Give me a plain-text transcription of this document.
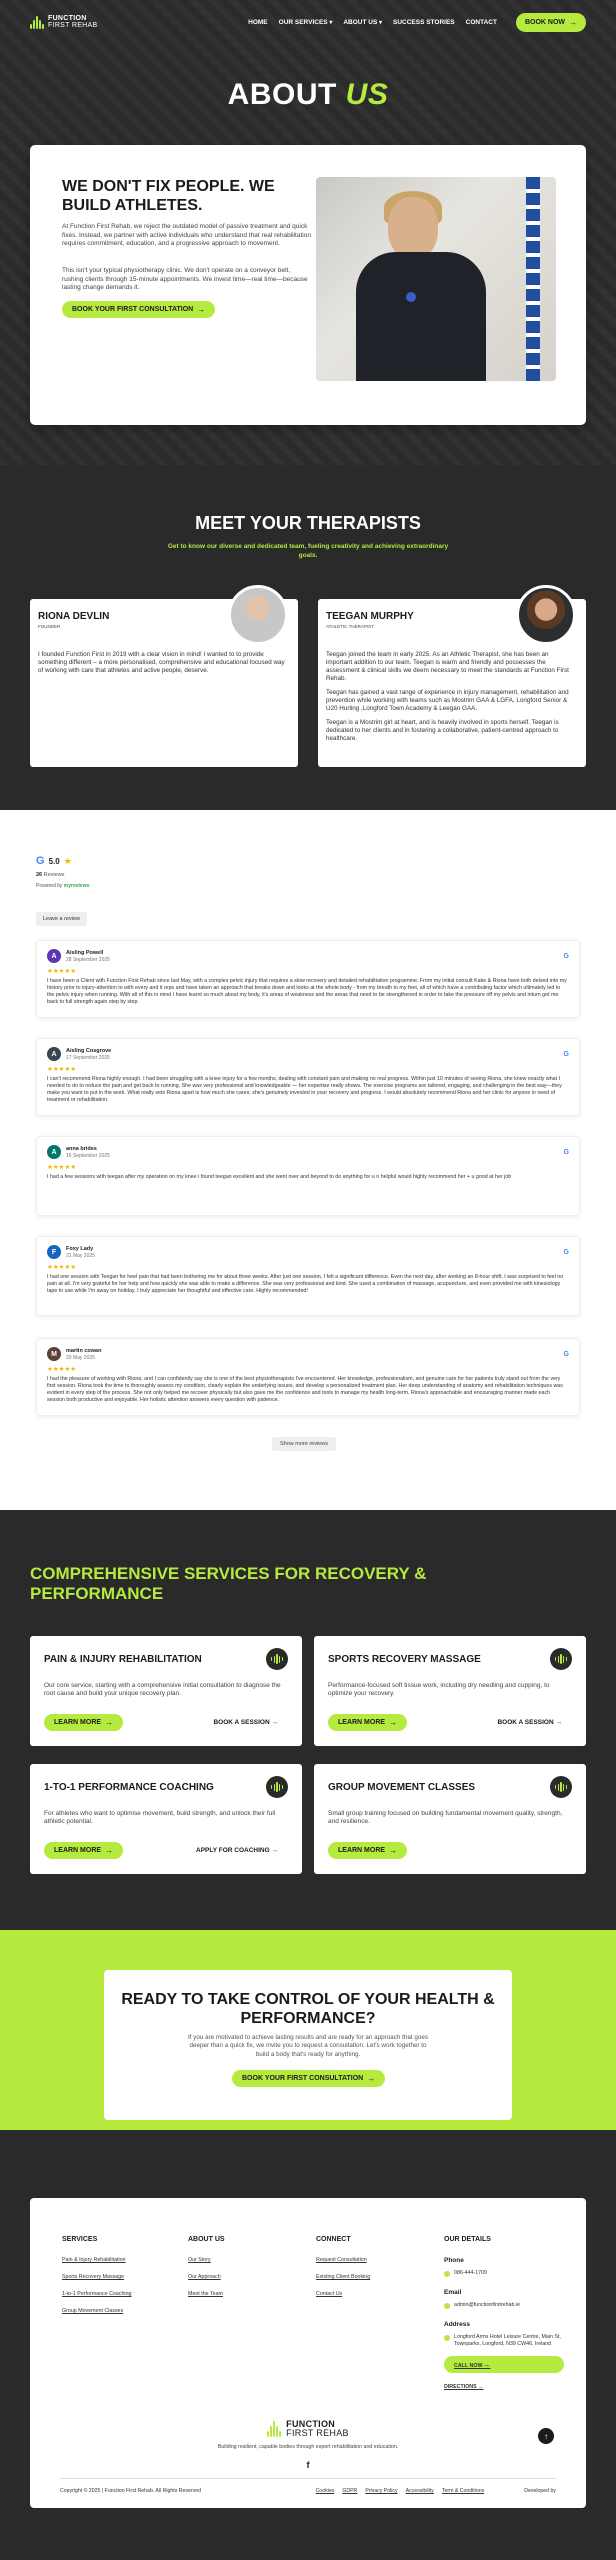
FUNCTION
FIRST REHAB	HOME OUR SERVICES ▾	ABOUT US ▾	SUCCESS STORIES CONTACT	BOOK NOW →
ABOUT US
WE DON'T FIX PEOPLE. WE BUILD ATHLETES.

At Function First Rehab, we reject the outdated model of passive treatment and quick fixes. Instead, we partner with active individuals who understand that real rehabilitation requires commitment, education, and a progressive approach to movement.

This isn't your typical physiotherapy clinic. We don't operate on a conveyor belt, rushing clients through 15-minute appointments. We invest time—real time—because lasting change demands it.

BOOK YOUR FIRST CONSULTATION →
MEET YOUR THERAPISTS

Get to know our diverse and dedicated team, fueling creativity and achieving extraordinary goals.

RIONA DEVLIN
FOUNDER

I founded Function First in 2019 with a clear vision in mind! I wanted to to provide something different – a more personalised, comprehensive and educational focused way of working with care that athletes and active people, deserve.

TEEGAN MURPHY
ATHLETIC THERAPIST

Teegan joined the team in early 2025. As an Athletic Therapist, she has been an important addition to our team. Teegan is warm and friendly and possesses the assessment & clinical skills we deem necessary to meet the standards at Function First Rehab.

Teegan has gained a vast range of experience in injury management, rehabilitation and prevention while working with teams such as Mostrim GAA & LGFA, Longford Senior & U20 Hurling ,Longford Town Academy & Leegan GAA.

Teegan is a Mostrim girl at heart, and is heavily involved in sports herself. Teegan is dedicated to her clients and in fostering a collaborative, patient-centred approach to healthcare.

G 5.0 ★
26 Reviews
Powered by myreviews
Leave a review
A	Aisling Powell
28 September 2025	G
★★★★★
I have been a Client with Function First Rehab since last May, with a complex pelvic injury that requires a slow recovery and detailed rehabilitation programme. From my initial consult Katie & Riona have both delved into my history prior to injury-attention to with every and it reps and have taken an approach that breaks down and looks at the whole body - from my breath to my feet, all of which have a contributing factor which ultimately led to the pelvic injury when running. With all of this in mind I have learnt so much about my body, it's areas of weakness and the areas that need to be strengthened in order to take the pressure off my pelvis and inturn get me back to full strength again step by step.
A	Aisling Cosgrove
17 September 2025	G
★★★★★
I can't recommend Riona highly enough. I had been struggling with a knee injury for a few months, dealing with constant pain and making no real progress. Within just 10 minutes of seeing Riona, she knew exactly what I needed to do to reduce the pain and get back to running. She was very professional and knowledgeable — her expertise really shows. The exercise programs are tailored, engaging, and challenging in the best way—they make you want to put in the work. What really sets Riona apart is how much she cares; she's genuinely invested in your recovery and progress. I would absolutely recommend Riona and her clinic for anyone in need of treatment or rehabilitation.
A	anna brides
16 September 2025	G
★★★★★
I had a few sessions with teegan after my operation on my knee i found teegan excellent and she went over and beyond to do anything for u n helpful would highly recommend her + u good at her job
F	Foxy Lady
31 May 2025	G
★★★★★
I had one session with Teegan for heel pain that had been bothering me for about three weeks. After just one session, I felt a significant difference. Even the next day, after working an 8-hour shift, I was surprised to feel no pain at all. I'm very grateful for her help and how quickly she was able to make a difference. She was very professional and kind. She used a combination of massage, acupuncture, and even provided me with kinesiology tape to use while I'm away on holiday. I truly appreciate her thoughtful and effective care. Highly recommended!
M	martin cowan
20 May 2025	G
★★★★★
I had the pleasure of working with Riona, and I can confidently say she is one of the best physiotherapists I've encountered. Her knowledge, professionalism, and genuine care for her patients truly stand out from the very first session. Riona took the time to thoroughly assess my condition, clearly explain the underlying issues, and develop a personalized treatment plan. Her deep understanding of anatomy and rehabilitation techniques was evident in every step of the process. She not only helped me recover physically but also gave me the confidence and tools to manage my health long-term. Riona's approachable and encouraging manner made each session both productive and enjoyable. Her holistic attention answers every question with patience.
Show more reviews
COMPREHENSIVE SERVICES FOR RECOVERY & PERFORMANCE
PAIN & INJURY REHABILITATION

Our core service, starting with a comprehensive initial consultation to diagnose the root cause and build your unique recovery plan.

LEARN MORE →	BOOK A SESSION →
SPORTS RECOVERY MASSAGE

Performance-focused soft tissue work, including dry needling and cupping, to optimize your recovery.

LEARN MORE →	BOOK A SESSION →
1-TO-1 PERFORMANCE COACHING

For athletes who want to optimise movement, build strength, and unlock their full athletic potential.

LEARN MORE →	APPLY FOR COACHING →
GROUP MOVEMENT CLASSES

Small group training focused on building fundamental movement quality, strength, and resilience.

LEARN MORE →
READY TO TAKE CONTROL OF YOUR HEALTH & PERFORMANCE?

If you are motivated to achieve lasting results and are ready for an approach that goes deeper than a quick fix, we invite you to request a consultation. Let's work together to build a body that's ready for anything.

BOOK YOUR FIRST CONSULTATION →
SERVICES
Pain & Injury Rehabilitation
Sports Recovery Massage
1-to-1 Performance Coaching
Group Movement Classes
ABOUT US
Our Story
Our Approach
Meet the Team
CONNECT
Request Consultation
Existing Client Booking
Contact Us
OUR DETAILS
Phone
086-444-1709
Email
admin@functionfirstrehab.ie
Address
Longford Arms Hotel Leisure Centre, Main St, Townparks, Longford, N39 CW46, Ireland
CALL NOW→
DIRECTIONS →
FUNCTION
FIRST REHAB
Building resilient, capable bodies through expert rehabilitation and education.
f
↑
Copyright © 2025 | Function First Rehab. All Rights Reserved	Cookies GDPR Privacy Policy Accessibility Term & Conditions	Developed by
